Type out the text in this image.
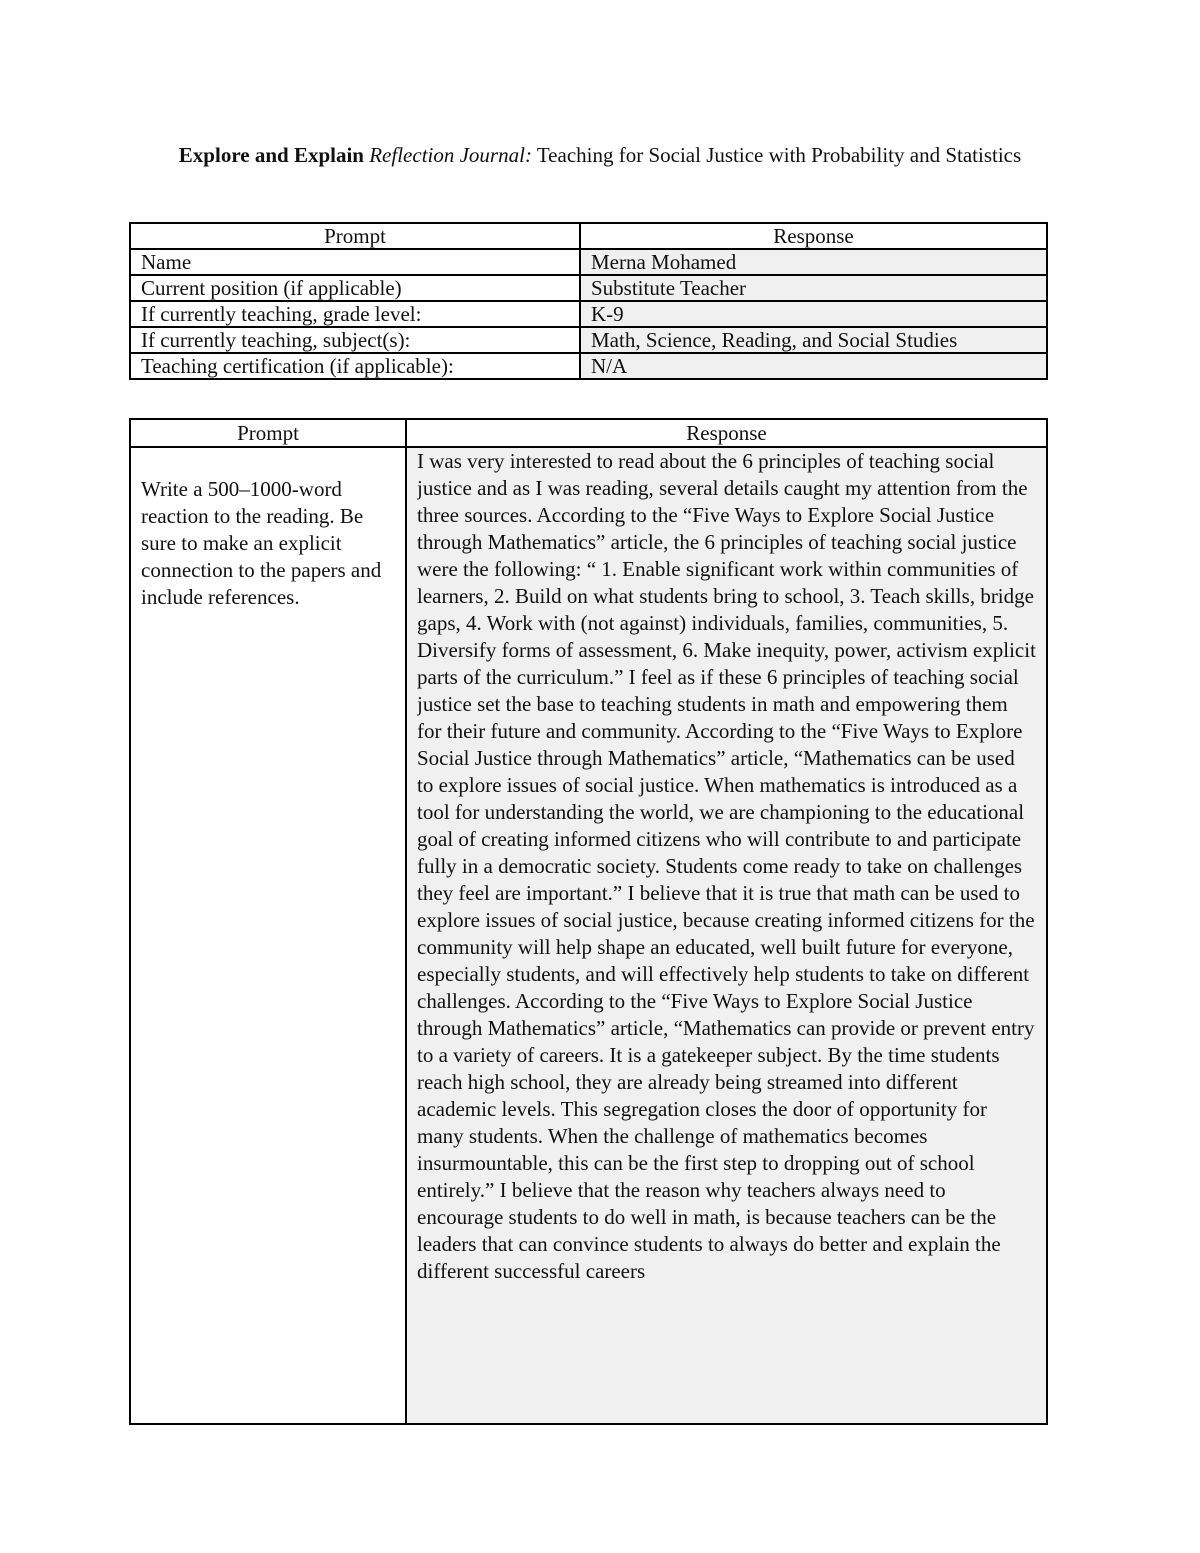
Explore and Explain Reflection Journal: Teaching for Social Justice with Probability and Statistics
Prompt	Response
Name	Merna Mohamed
Current position (if applicable)	Substitute Teacher
If currently teaching, grade level:	K-9
If currently teaching, subject(s):	Math, Science, Reading, and Social Studies
Teaching certification (if applicable):	N/A
Prompt	Response
Write a 500–1000-word reaction to the reading. Be sure to make an explicit connection to the papers and include references.	I was very interested to read about the 6 principles of teaching social justice and as I was reading, several details caught my attention from the three sources. According to the “Five Ways to Explore Social Justice through Mathematics” article, the 6 principles of teaching social justice were the following: “ 1. Enable significant work within communities of learners, 2. Build on what students bring to school, 3. Teach skills, bridge gaps, 4. Work with (not against) individuals, families, communities, 5. Diversify forms of assessment, 6. Make inequity, power, activism explicit parts of the curriculum.” I feel as if these 6 principles of teaching social justice set the base to teaching students in math and empowering them for their future and community. According to the “Five Ways to Explore Social Justice through Mathematics” article, “Mathematics can be used to explore issues of social justice. When mathematics is introduced as a tool for understanding the world, we are championing to the educational goal of creating informed citizens who will contribute to and participate fully in a democratic society. Students come ready to take on challenges they feel are important.” I believe that it is true that math can be used to explore issues of social justice, because creating informed citizens for the community will help shape an educated, well built future for everyone, especially students, and will effectively help students to take on different challenges. According to the “Five Ways to Explore Social Justice through Mathematics” article, “Mathematics can provide or prevent entry to a variety of careers. It is a gatekeeper subject. By the time students reach high school, they are already being streamed into different academic levels. This segregation closes the door of opportunity for many students. When the challenge of mathematics becomes insurmountable, this can be the first step to dropping out of school entirely.” I believe that the reason why teachers always need to encourage students to do well in math, is because teachers can be the leaders that can convince students to always do better and explain the different successful careers
